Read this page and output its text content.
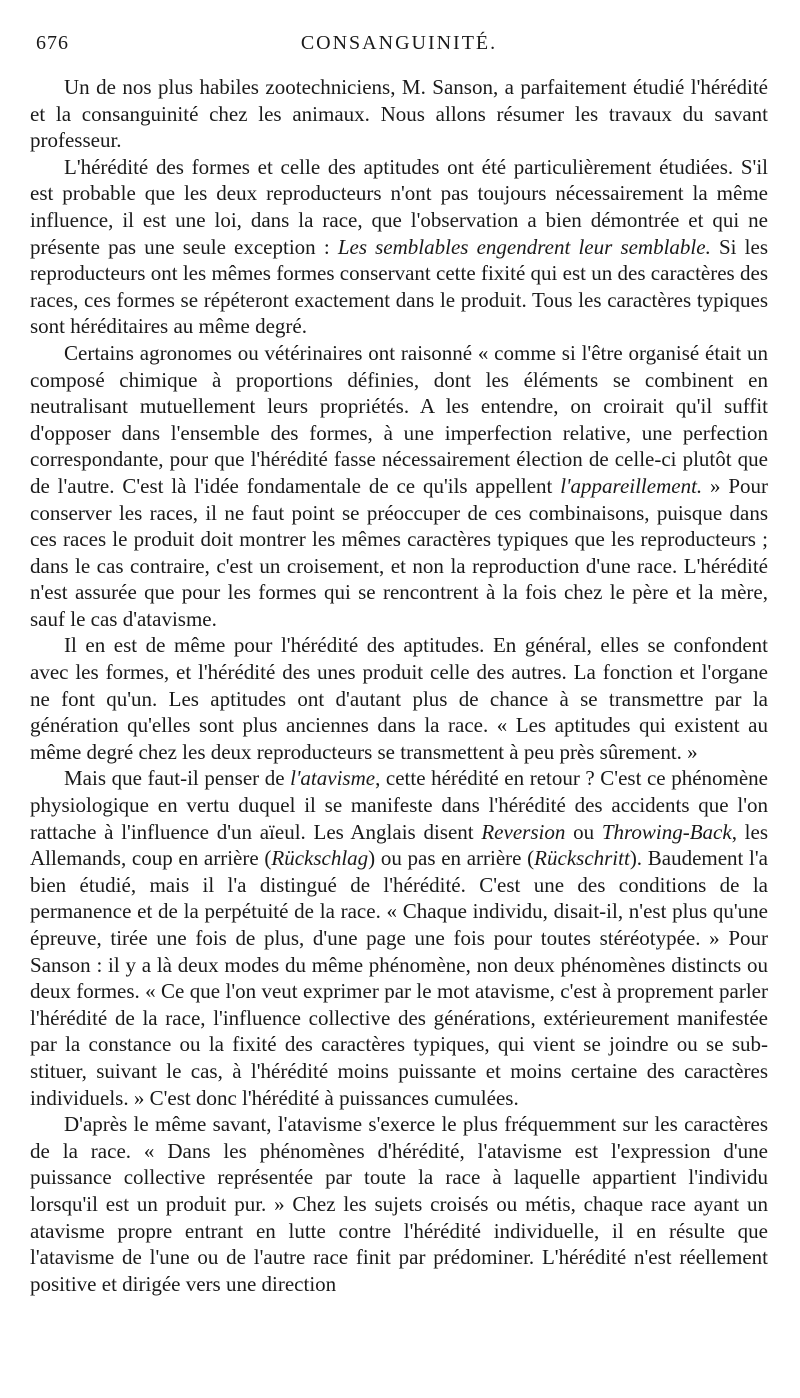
676	CONSANGUINITÉ.

Un de nos plus habiles zootechniciens, M. Sanson, a parfaitement étudié l'hérédité et la consanguinité chez les animaux. Nous allons résumer les travaux du savant professeur.

L'hérédité des formes et celle des aptitudes ont été particulièrement étudiées. S'il est probable que les deux reproducteurs n'ont pas toujours nécessairement la même influence, il est une loi, dans la race, que l'observation a bien démontrée et qui ne présente pas une seule exception : Les semblables engendrent leur semblable. Si les reproducteurs ont les mêmes formes conservant cette fixité qui est un des caractères des races, ces formes se répéteront exactement dans le produit. Tous les caractères typiques sont héréditaires au même degré.

Certains agronomes ou vétérinaires ont raisonné « comme si l'être organisé était un composé chimique à proportions définies, dont les éléments se combinent en neutralisant mutuellement leurs propriétés. A les entendre, on croirait qu'il suffit d'opposer dans l'ensemble des formes, à une imperfection relative, une perfection correspondante, pour que l'hérédité fasse nécessairement élection de celle-ci plutôt que de l'autre. C'est là l'idée fondamentale de ce qu'ils appellent l'appareillement. » Pour conserver les races, il ne faut point se préoccuper de ces combinaisons, puisque dans ces races le produit doit montrer les mêmes caractères typiques que les reproducteurs ; dans le cas contraire, c'est un croisement, et non la reproduction d'une race. L'hérédité n'est assurée que pour les formes qui se rencontrent à la fois chez le père et la mère, sauf le cas d'atavisme.

Il en est de même pour l'hérédité des aptitudes. En général, elles se confondent avec les formes, et l'hérédité des unes produit celle des autres. La fonction et l'organe ne font qu'un. Les aptitudes ont d'autant plus de chance à se transmettre par la génération qu'elles sont plus anciennes dans la race. « Les aptitudes qui existent au même degré chez les deux reproducteurs se transmettent à peu près sûrement. »

Mais que faut-il penser de l'atavisme, cette hérédité en retour ? C'est ce phénomène physiologique en vertu duquel il se manifeste dans l'hérédité des accidents que l'on rattache à l'influence d'un aïeul. Les Anglais disent Reversion ou Throwing-Back, les Allemands, coup en arrière (Rückschlag) ou pas en arrière (Rückschritt). Baudement l'a bien étudié, mais il l'a distingué de l'hérédité. C'est une des conditions de la permanence et de la perpétuité de la race. « Chaque individu, disait-il, n'est plus qu'une épreuve, tirée une fois de plus, d'une page une fois pour toutes stéréotypée. » Pour Sanson : il y a là deux modes du même phénomène, non deux phénomènes distincts ou deux formes. « Ce que l'on veut exprimer par le mot atavisme, c'est à proprement parler l'hérédité de la race, l'influence collective des générations, extérieurement manifestée par la constance ou la fixité des caractères typiques, qui vient se joindre ou se substituer, suivant le cas, à l'hérédité moins puissante et moins certaine des caractères individuels. » C'est donc l'hérédité à puissances cumulées.

D'après le même savant, l'atavisme s'exerce le plus fréquemment sur les caractères de la race. « Dans les phénomènes d'hérédité, l'atavisme est l'expression d'une puissance collective représentée par toute la race à laquelle appartient l'individu lorsqu'il est un produit pur. » Chez les sujets croisés ou métis, chaque race ayant un atavisme propre entrant en lutte contre l'hérédité individuelle, il en résulte que l'atavisme de l'une ou de l'autre race finit par prédominer. L'hérédité n'est réellement positive et dirigée vers une direction
